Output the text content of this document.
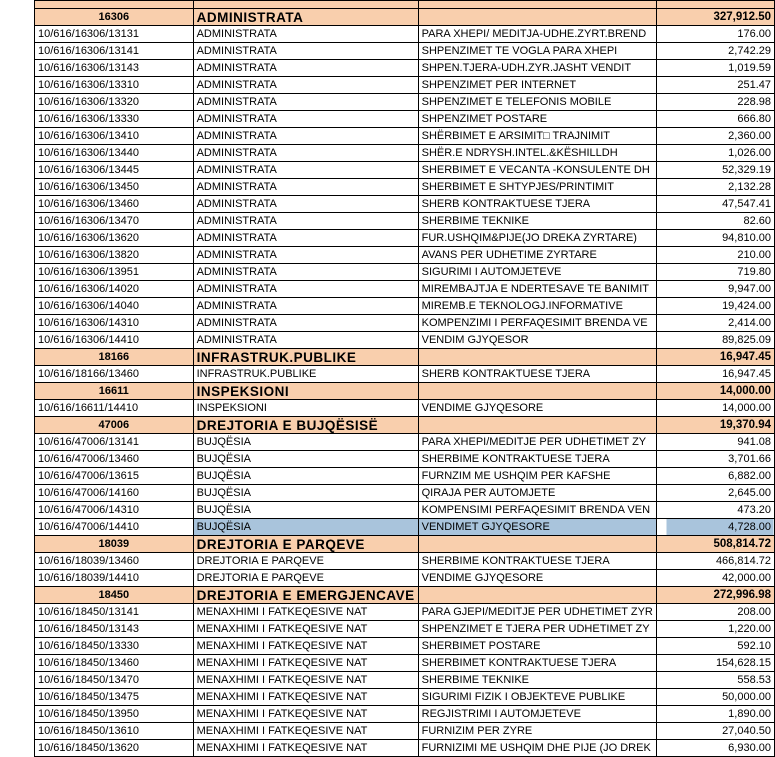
16306	ADMINISTRATA		327,912.50
10/616/16306/13131	ADMINISTRATA	PARA XHEPI/ MEDITJA-UDHE.ZYRT.BREND	176.00
10/616/16306/13141	ADMINISTRATA	SHPENZIMET TE VOGLA PARA XHEPI	2,742.29
10/616/16306/13143	ADMINISTRATA	SHPEN.TJERA-UDH.ZYR.JASHT VENDIT	1,019.59
10/616/16306/13310	ADMINISTRATA	SHPENZIMET PER INTERNET	251.47
10/616/16306/13320	ADMINISTRATA	SHPENZIMET E TELEFONIS MOBILE	228.98
10/616/16306/13330	ADMINISTRATA	SHPENZIMET POSTARE	666.80
10/616/16306/13410	ADMINISTRATA	SHËRBIMET E ARSIMIT□ TRAJNIMIT	2,360.00
10/616/16306/13440	ADMINISTRATA	SHËR.E NDRYSH.INTEL.&KËSHILLDH	1,026.00
10/616/16306/13445	ADMINISTRATA	SHERBIMET E VECANTA -KONSULENTE DH	52,329.19
10/616/16306/13450	ADMINISTRATA	SHERBIMET E SHTYPJES/PRINTIMIT	2,132.28
10/616/16306/13460	ADMINISTRATA	SHERB KONTRAKTUESE TJERA	47,547.41
10/616/16306/13470	ADMINISTRATA	SHERBIME TEKNIKE	82.60
10/616/16306/13620	ADMINISTRATA	FUR.USHQIM&PIJE(JO DREKA ZYRTARE)	94,810.00
10/616/16306/13820	ADMINISTRATA	AVANS PER UDHETIME ZYRTARE	210.00
10/616/16306/13951	ADMINISTRATA	SIGURIMI I AUTOMJETEVE	719.80
10/616/16306/14020	ADMINISTRATA	MIREMBAJTJA E NDERTESAVE TE BANIMIT	9,947.00
10/616/16306/14040	ADMINISTRATA	MIREMB.E TEKNOLOGJ.INFORMATIVE	19,424.00
10/616/16306/14310	ADMINISTRATA	KOMPENZIMI I PERFAQESIMIT BRENDA VE	2,414.00
10/616/16306/14410	ADMINISTRATA	VENDIM GJYQESOR	89,825.09
18166	INFRASTRUK.PUBLIKE		16,947.45
10/616/18166/13460	INFRASTRUK.PUBLIKE	SHERB KONTRAKTUESE TJERA	16,947.45
16611	INSPEKSIONI		14,000.00
10/616/16611/14410	INSPEKSIONI	VENDIME GJYQESORE	14,000.00
47006	DREJTORIA E BUJQËSISË		19,370.94
10/616/47006/13141	BUJQËSIA	PARA XHEPI/MEDITJE PER UDHETIMET ZY	941.08
10/616/47006/13460	BUJQËSIA	SHERBIME KONTRAKTUESE TJERA	3,701.66
10/616/47006/13615	BUJQËSIA	FURNZIM ME USHQIM PER KAFSHE	6,882.00
10/616/47006/14160	BUJQËSIA	QIRAJA PER AUTOMJETE	2,645.00
10/616/47006/14310	BUJQËSIA	KOMPENSIMI PERFAQESIMIT BRENDA VEN	473.20
10/616/47006/14410	BUJQËSIA	VENDIMET GJYQESORE	4,728.00
18039	DREJTORIA E PARQEVE		508,814.72
10/616/18039/13460	DREJTORIA E PARQEVE	SHERBIME KONTRAKTUESE TJERA	466,814.72
10/616/18039/14410	DREJTORIA E PARQEVE	VENDIME GJYQESORE	42,000.00
18450	DREJTORIA E EMERGJENCAVE		272,996.98
10/616/18450/13141	MENAXHIMI I FATKEQESIVE NAT	PARA GJEPI/MEDITJE PER UDHETIMET ZYR	208.00
10/616/18450/13143	MENAXHIMI I FATKEQESIVE NAT	SHPENZIMET E TJERA PER UDHETIMET ZY	1,220.00
10/616/18450/13330	MENAXHIMI I FATKEQESIVE NAT	SHERBIMET POSTARE	592.10
10/616/18450/13460	MENAXHIMI I FATKEQESIVE NAT	SHERBIMET KONTRAKTUESE TJERA	154,628.15
10/616/18450/13470	MENAXHIMI I FATKEQESIVE NAT	SHERBIME TEKNIKE	558.53
10/616/18450/13475	MENAXHIMI I FATKEQESIVE NAT	SIGURIMI FIZIK I OBJEKTEVE PUBLIKE	50,000.00
10/616/18450/13950	MENAXHIMI I FATKEQESIVE NAT	REGJISTRIMI I AUTOMJETEVE	1,890.00
10/616/18450/13610	MENAXHIMI I FATKEQESIVE NAT	FURNIZIM PER ZYRE	27,040.50
10/616/18450/13620	MENAXHIMI I FATKEQESIVE NAT	FURNIZIMI ME USHQIM DHE PIJE (JO DREK	6,930.00
